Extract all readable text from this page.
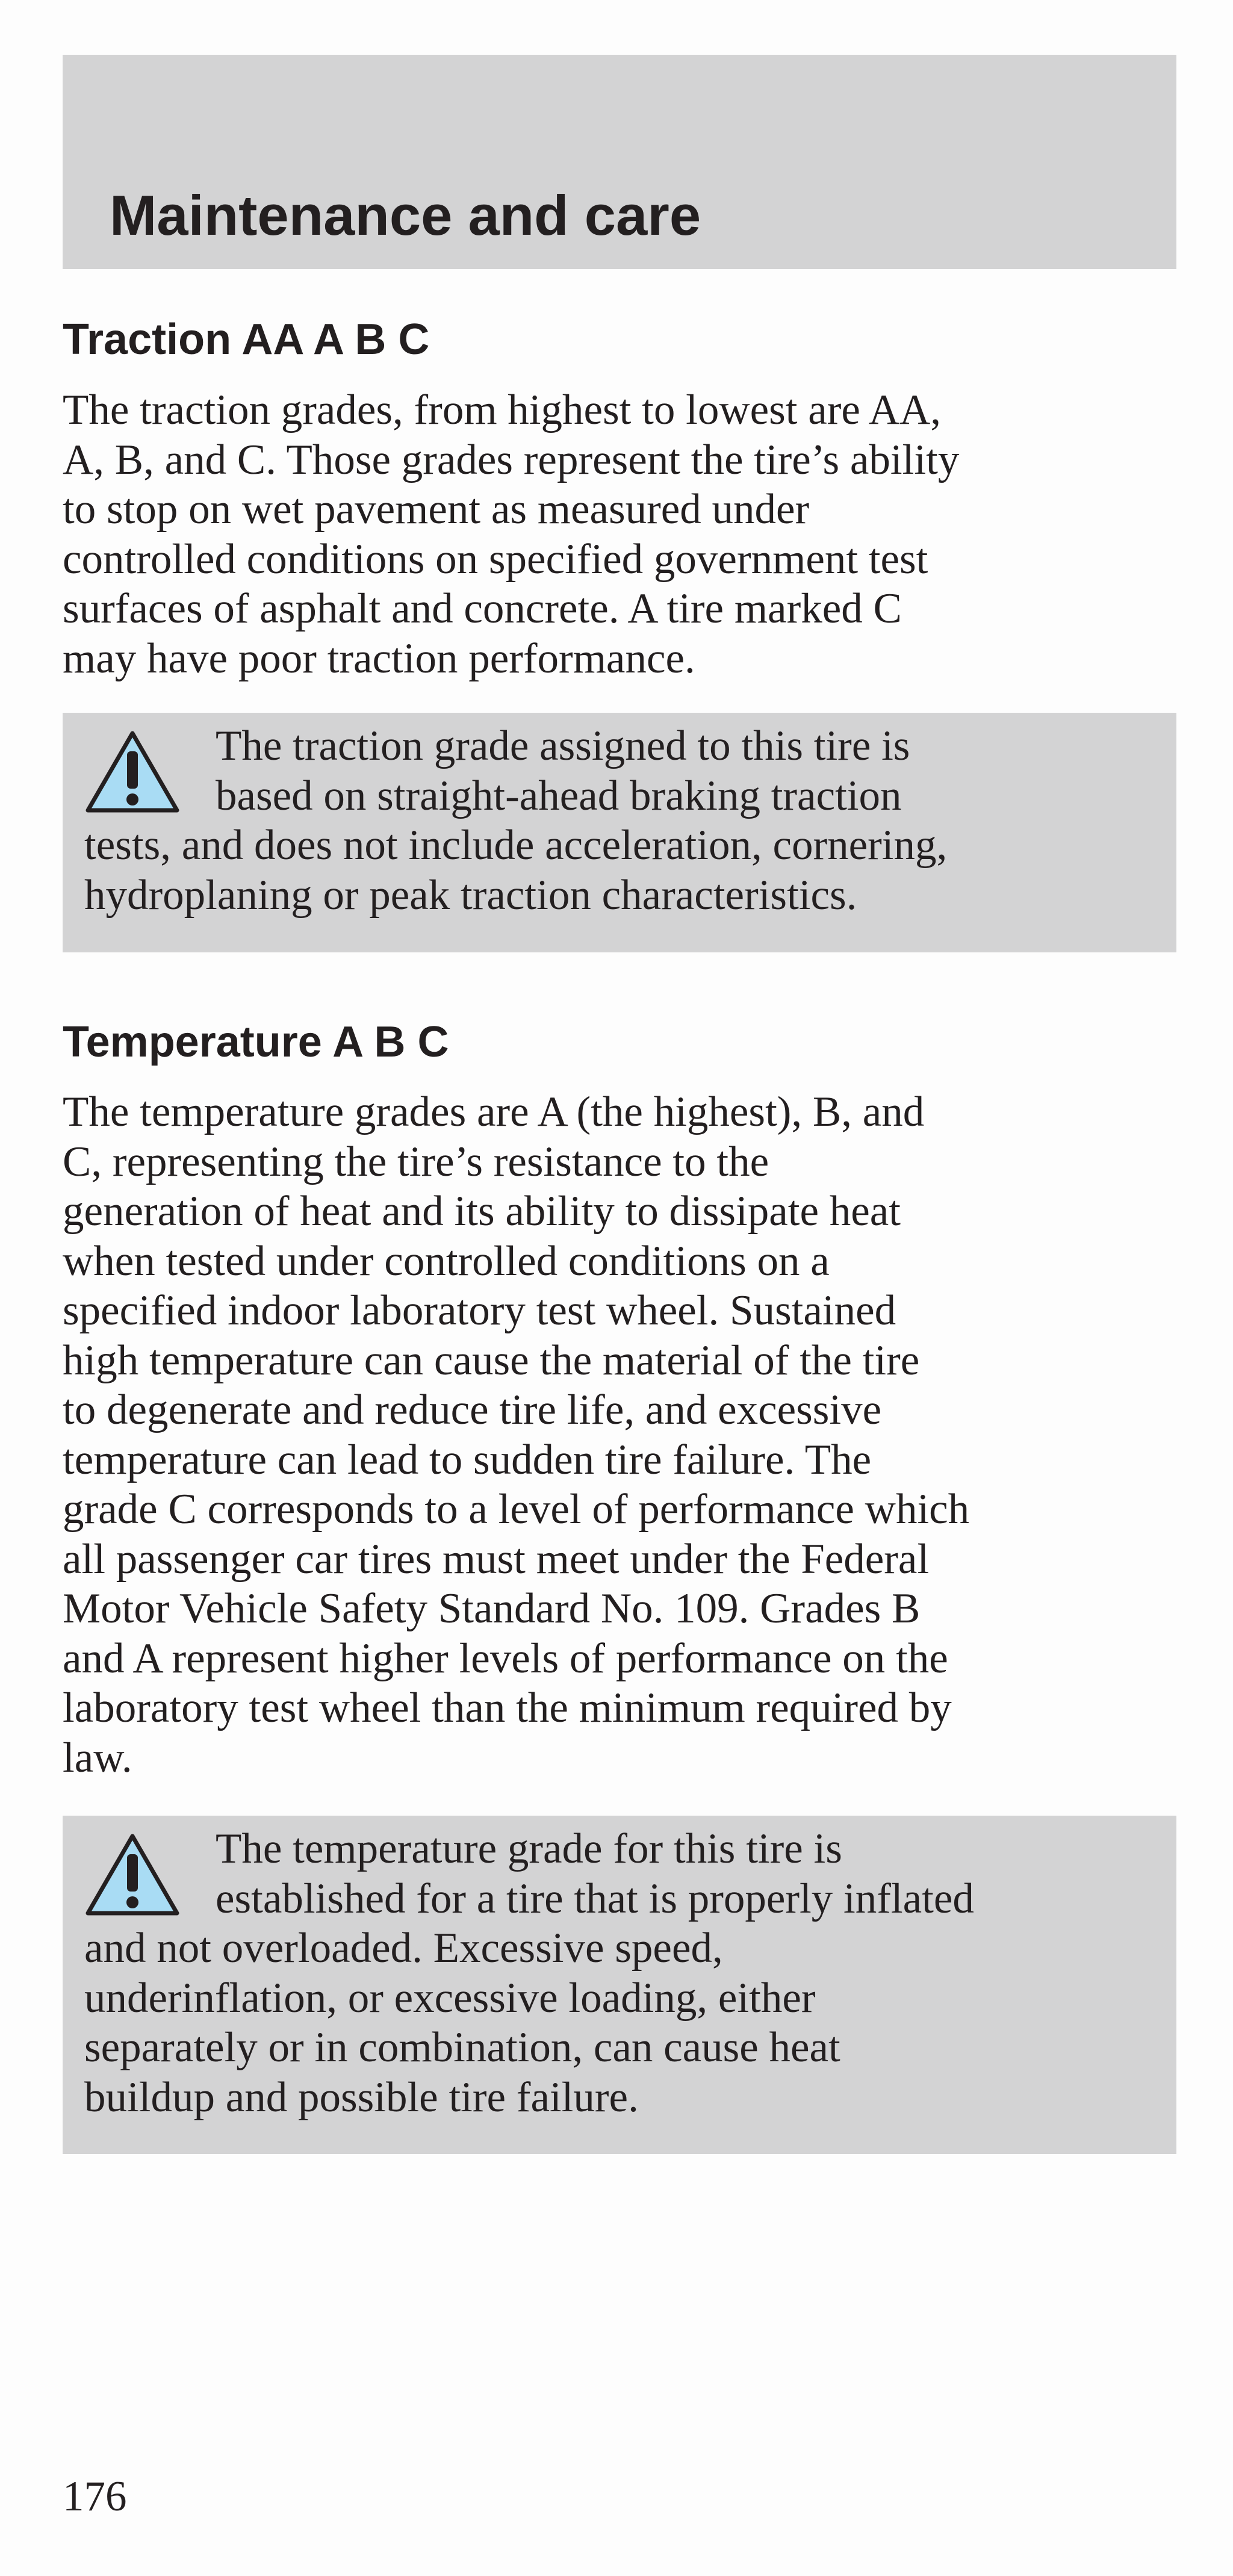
Maintenance and care
Traction AA A B C
The traction grades, from highest to lowest are AA,
A, B, and C. Those grades represent the tire’s ability
to stop on wet pavement as measured under
controlled conditions on specified government test
surfaces of asphalt and concrete. A tire marked C
may have poor traction performance.
The traction grade assigned to this tire is
based on straight-ahead braking traction
tests, and does not include acceleration, cornering,
hydroplaning or peak traction characteristics.
Temperature A B C
The temperature grades are A (the highest), B, and
C, representing the tire’s resistance to the
generation of heat and its ability to dissipate heat
when tested under controlled conditions on a
specified indoor laboratory test wheel. Sustained
high temperature can cause the material of the tire
to degenerate and reduce tire life, and excessive
temperature can lead to sudden tire failure. The
grade C corresponds to a level of performance which
all passenger car tires must meet under the Federal
Motor Vehicle Safety Standard No. 109. Grades B
and A represent higher levels of performance on the
laboratory test wheel than the minimum required by
law.
The temperature grade for this tire is
established for a tire that is properly inflated
and not overloaded. Excessive speed,
underinflation, or excessive loading, either
separately or in combination, can cause heat
buildup and possible tire failure.

176
